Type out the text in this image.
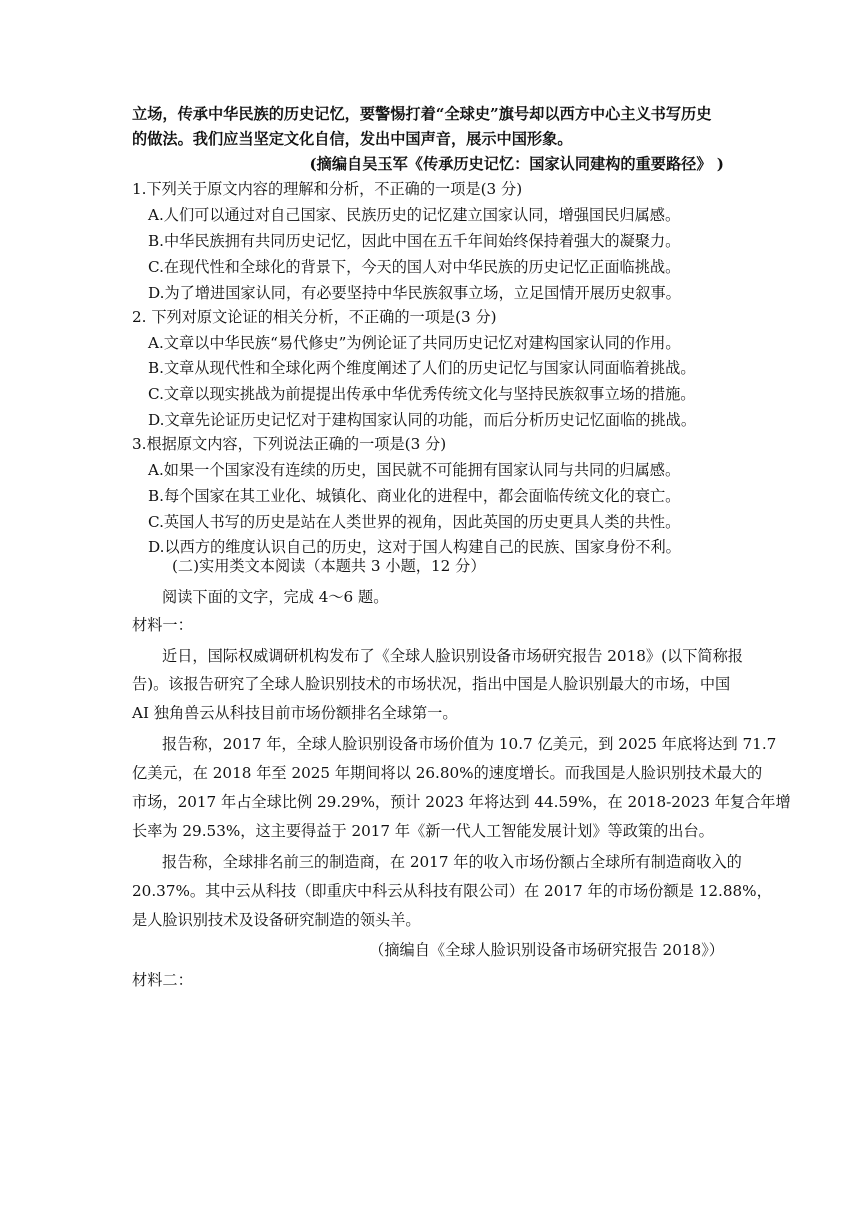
立场，传承中华民族的历史记忆，要警惕打着“全球史”旗号却以西方中心主义书写历史
的做法。我们应当坚定文化自信，发出中国声音，展示中国形象。
(摘编自吴玉军《传承历史记忆：国家认同建构的重要路径》 )
1.下列关于原文内容的理解和分析，不正确的一项是(3 分)
A.人们可以通过对自己国家、民族历史的记忆建立国家认同，增强国民归属感。
B.中华民族拥有共同历史记忆，因此中国在五千年间始终保持着强大的凝聚力。
C.在现代性和全球化的背景下，今天的国人对中华民族的历史记忆正面临挑战。
D.为了增进国家认同，有必要坚持中华民族叙事立场，立足国情开展历史叙事。
2. 下列对原文论证的相关分析，不正确的一项是(3 分)
A.文章以中华民族“易代修史”为例论证了共同历史记忆对建构国家认同的作用。
B.文章从现代性和全球化两个维度阐述了人们的历史记忆与国家认同面临着挑战。
C.文章以现实挑战为前提提出传承中华优秀传统文化与坚持民族叙事立场的措施。
D.文章先论证历史记忆对于建构国家认同的功能，而后分析历史记忆面临的挑战。
3.根据原文内容，下列说法正确的一项是(3 分)
A.如果一个国家没有连续的历史，国民就不可能拥有国家认同与共同的归属感。
B.每个国家在其工业化、城镇化、商业化的进程中，都会面临传统文化的衰亡。
C.英国人书写的历史是站在人类世界的视角，因此英国的历史更具人类的共性。
D.以西方的维度认识自己的历史，这对于国人构建自己的民族、国家身份不利。
(二)实用类文本阅读（本题共 3 小题，12 分）
阅读下面的文字，完成 4～6 题。
材料一：
近日，国际权威调研机构发布了《全球人脸识别设备市场研究报告 2018》(以下简称报
告)。该报告研究了全球人脸识别技术的市场状况，指出中国是人脸识别最大的市场，中国
AI 独角兽云从科技目前市场份额排名全球第一。
报告称，2017 年，全球人脸识别设备市场价值为 10.7 亿美元，到 2025 年底将达到 71.7
亿美元，在 2018 年至 2025 年期间将以 26.80%的速度增长。而我国是人脸识别技术最大的
市场，2017 年占全球比例 29.29%，预计 2023 年将达到 44.59%，在 2018-2023 年复合年增
长率为 29.53%，这主要得益于 2017 年《新一代人工智能发展计划》等政策的出台。
报告称，全球排名前三的制造商，在 2017 年的收入市场份额占全球所有制造商收入的
20.37%。其中云从科技（即重庆中科云从科技有限公司）在 2017 年的市场份额是 12.88%，
是人脸识别技术及设备研究制造的领头羊。
（摘编自《全球人脸识别设备市场研究报告 2018》）
材料二：
